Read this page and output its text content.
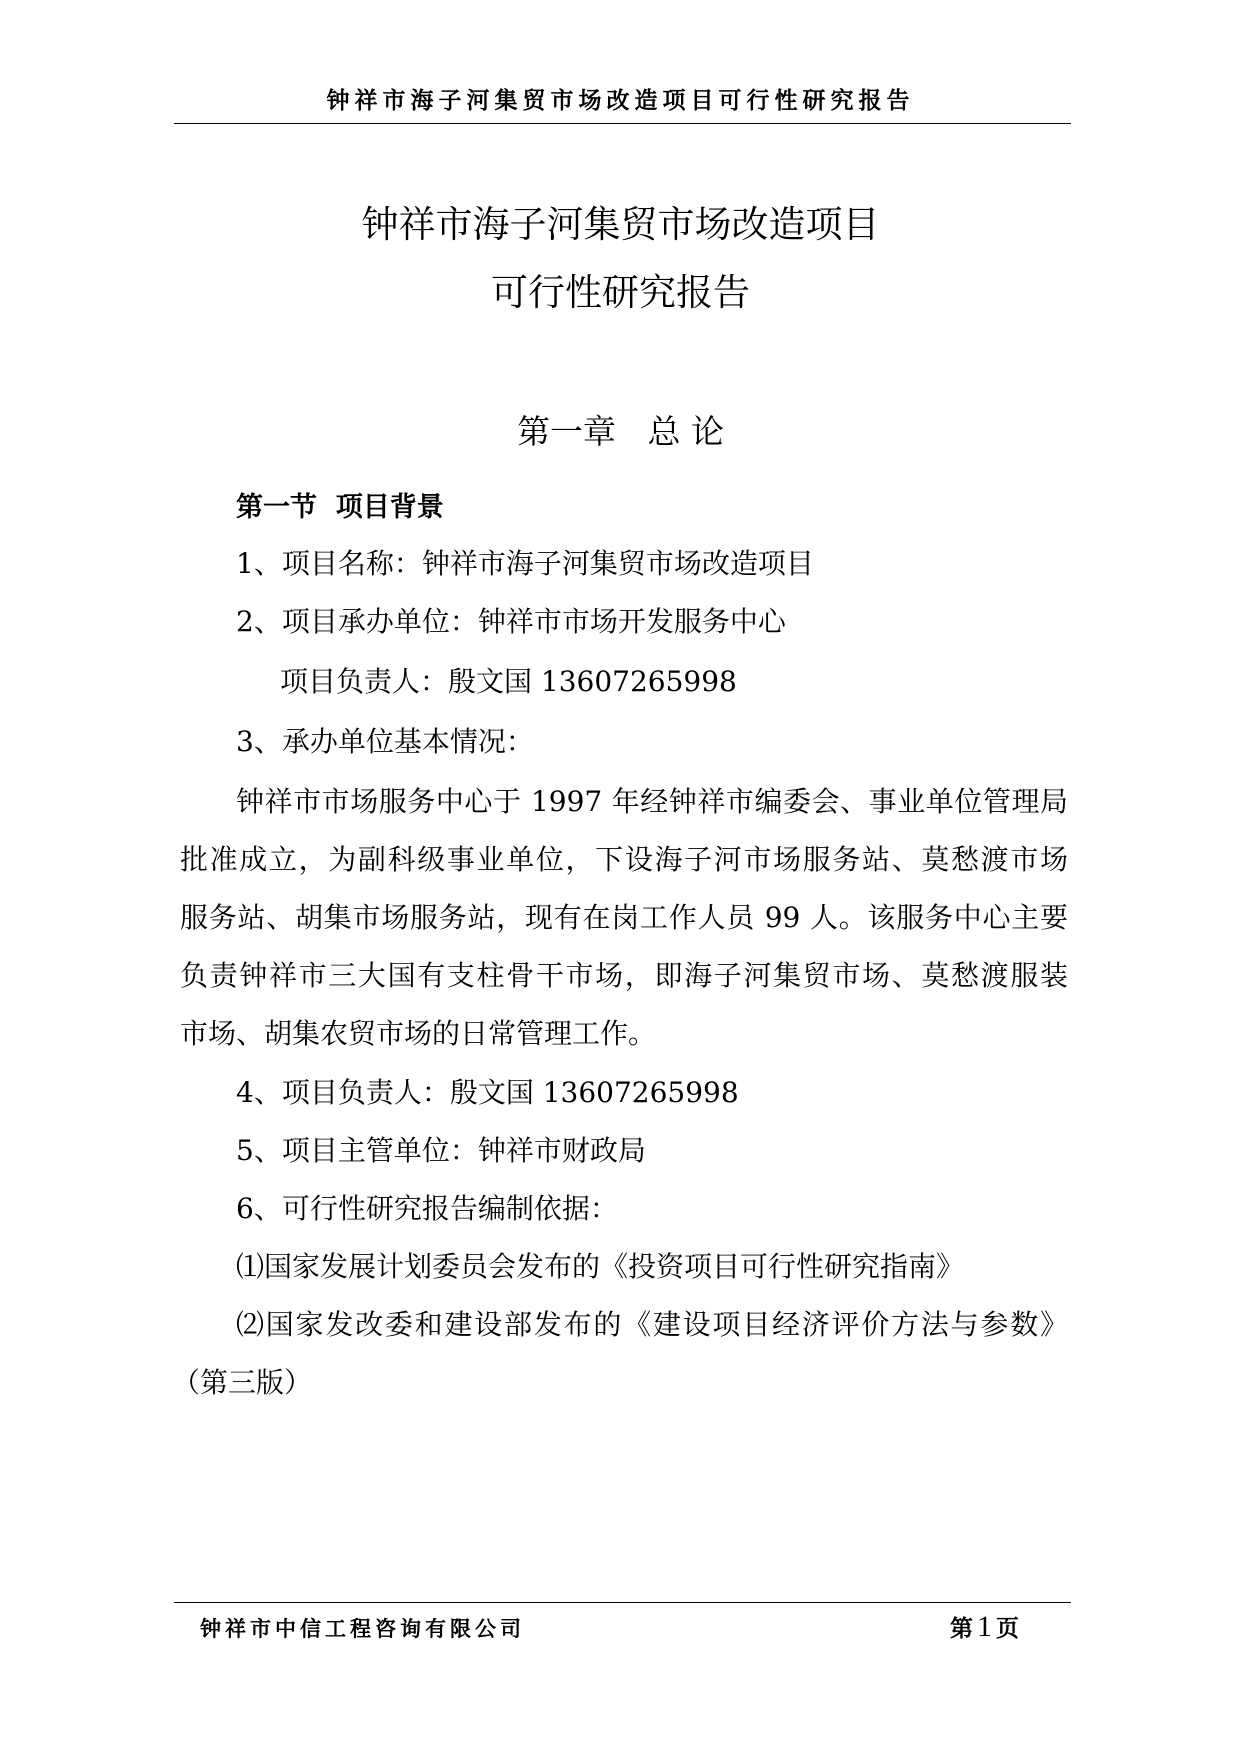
钟祥市海子河集贸市场改造项目可行性研究报告
钟祥市海子河集贸市场改造项目
可行性研究报告
第一章   总 论
第一节  项目背景
1、项目名称：钟祥市海子河集贸市场改造项目
2、项目承办单位：钟祥市市场开发服务中心
项目负责人：殷文国 13607265998
3、承办单位基本情况：
钟祥市市场服务中心于 1997 年经钟祥市编委会、事业单位管理局
批准成立，为副科级事业单位，下设海子河市场服务站、莫愁渡市场
服务站、胡集市场服务站，现有在岗工作人员 99 人。该服务中心主要
负责钟祥市三大国有支柱骨干市场，即海子河集贸市场、莫愁渡服装
市场、胡集农贸市场的日常管理工作。
4、项目负责人：殷文国 13607265998
5、项目主管单位：钟祥市财政局
6、可行性研究报告编制依据：
⑴国家发展计划委员会发布的《投资项目可行性研究指南》
⑵国家发改委和建设部发布的《建设项目经济评价方法与参数》
（第三版）
钟祥市中信工程咨询有限公司	第 1 页
